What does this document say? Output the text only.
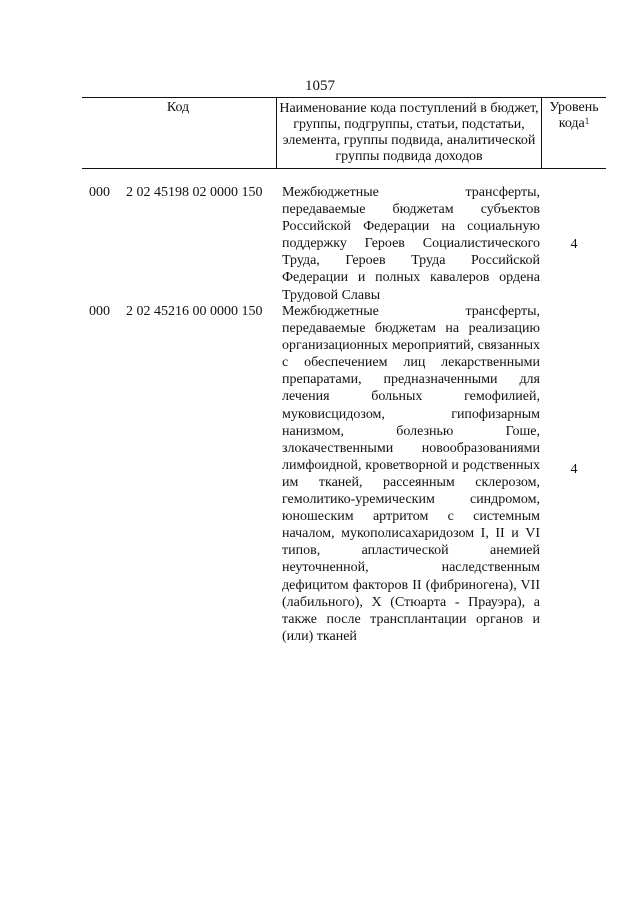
1057
Код	Наименование кода поступлений в бюджет, группы, подгруппы, статьи, подстатьи, элемента, группы подвида, аналитической группы подвида доходов
Уровень кода$^1$
000 2 02 45198 02 0000 150 Межбюджетные трансферты, передаваемые бюджетам субъектов Российской Федерации на социальную поддержку Героев Социалистического Труда, Героев Труда Российской Федерации и полных кавалеров ордена Трудовой Славы
4
000 2 02 45216 00 0000 150 Межбюджетные трансферты, передаваемые бюджетам на реализацию организационных мероприятий, связанных с обеспечением лиц лекарственными препаратами, предназначенными для лечения больных гемофилией, муковисцидозом, гипофизарным нанизмом, болезнью Гоше, злокачественными новообразованиями лимфоидной, кроветворной и родственных им тканей, рассеянным склерозом, гемолитико-уремическим синдромом, юношеским артритом с системным началом, мукополисахаридозом I, II и VI типов, апластической анемией неуточненной, наследственным дефицитом факторов II (фибриногена), VII (лабильного), X (Стюарта - Прауэра), а также после трансплантации органов и (или) тканей
4
